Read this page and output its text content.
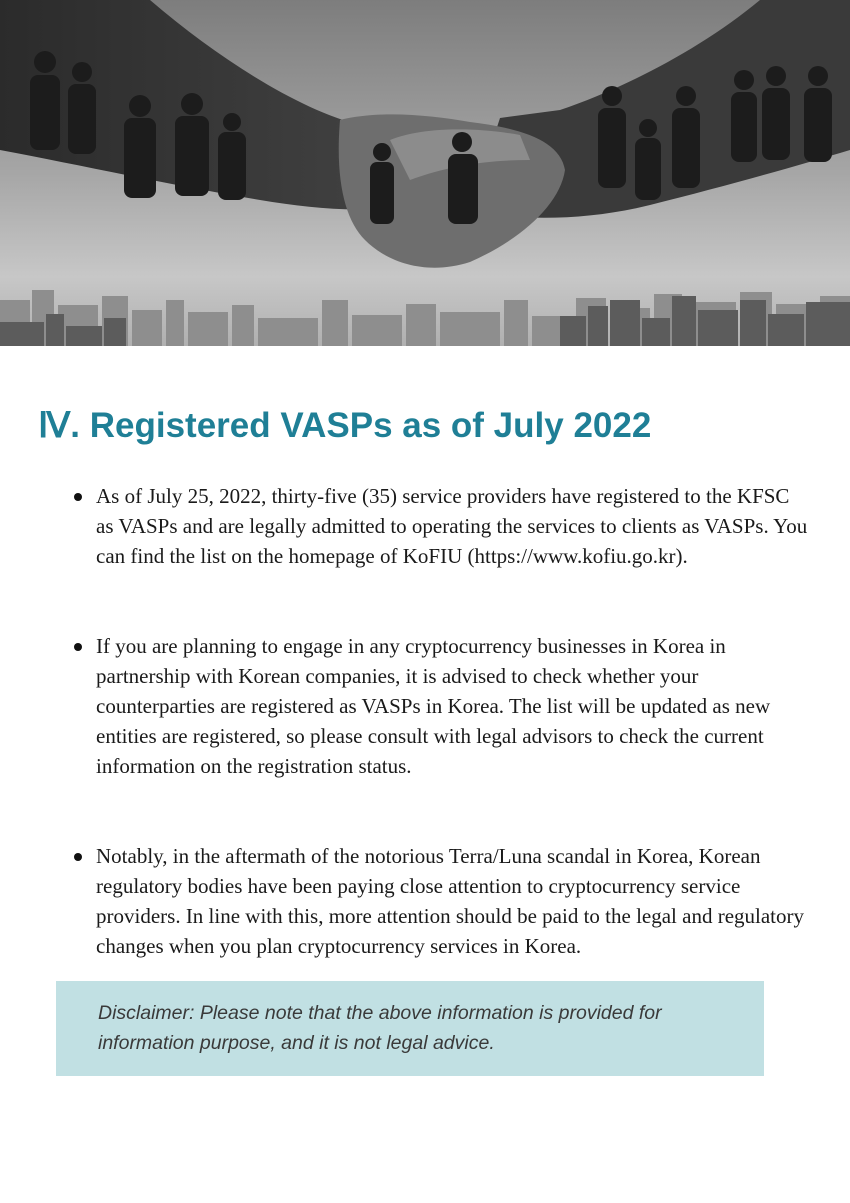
Ⅳ. Registered VASPs as of July 2022
As of July 25, 2022, thirty-five (35) service providers have registered to the KFSC as VASPs and are legally admitted to operating the services to clients as VASPs. You can find the list on the homepage of KoFIU (https://www.kofiu.go.kr).
If you are planning to engage in any cryptocurrency businesses in Korea in partnership with Korean companies, it is advised to check whether your counterparties are registered as VASPs in Korea. The list will be updated as new entities are registered, so please consult with legal advisors to check the current information on the registration status.
Notably, in the aftermath of the notorious Terra/Luna scandal in Korea, Korean regulatory bodies have been paying close attention to cryptocurrency service providers. In line with this, more attention should be paid to the legal and regulatory changes when you plan cryptocurrency services in Korea.

Disclaimer: Please note that the above information is provided for information purpose, and it is not legal advice.
